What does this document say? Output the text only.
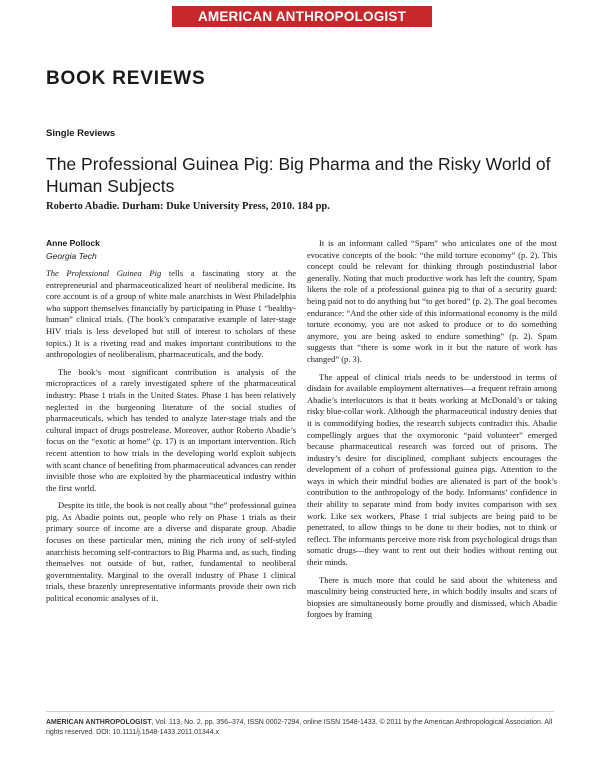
AMERICAN ANTHROPOLOGIST
BOOK REVIEWS
Single Reviews
The Professional Guinea Pig: Big Pharma and the Risky World of Human Subjects
Roberto Abadie. Durham: Duke University Press, 2010. 184 pp.
Anne Pollock
Georgia Tech

The Professional Guinea Pig tells a fascinating story at the entrepreneurial and pharmaceuticalized heart of neoliberal medicine. Its core account is of a group of white male anarchists in West Philadelphia who support themselves financially by participating in Phase 1 “healthy-human” clinical trials. (The book’s comparative example of later-stage HIV trials is less developed but still of interest to scholars of these topics.) It is a riveting read and makes important contributions to the anthropologies of neoliberalism, pharmaceuticals, and the body.

The book’s most significant contribution is analysis of the micropractices of a rarely investigated sphere of the pharmaceutical industry: Phase 1 trials in the United States. Phase 1 has been relatively neglected in the burgeoning literature of the social studies of pharmaceuticals, which has tended to analyze later-stage trials and the cultural impact of drugs postrelease. Moreover, author Roberto Abadie’s focus on the “exotic at home” (p. 17) is an important intervention. Rich recent attention to how trials in the developing world exploit subjects with scant chance of benefiting from pharmaceutical advances can render invisible those who are exploited by the pharmaceutical industry within the first world.

Despite its title, the book is not really about “the” professional guinea pig. As Abadie points out, people who rely on Phase 1 trials as their primary source of income are a diverse and disparate group. Abadie focuses on these particular men, mining the rich irony of self-styled anarchists becoming self-contractors to Big Pharma and, as such, finding themselves not outside of but, rather, fundamental to neoliberal governmentality. Marginal to the overall industry of Phase 1 clinical trials, these brazenly unrepresentative informants provide their own rich political economic analyses of it.

It is an informant called “Spam” who articulates one of the most evocative concepts of the book: “the mild torture economy” (p. 2). This concept could be relevant for thinking through postindustrial labor generally. Noting that much productive work has left the country, Spam likens the role of a professional guinea pig to that of a security guard: being paid not to do anything but “to get bored” (p. 2). The goal becomes endurance: “And the other side of this informational economy is the mild torture economy, you are not asked to produce or to do something anymore, you are being asked to endure something” (p. 2). Spam suggests that “there is some work in it but the nature of work has changed” (p. 3).

The appeal of clinical trials needs to be understood in terms of disdain for available employment alternatives—a frequent refrain among Abadie’s interlocutors is that it beats working at McDonald’s or taking risky blue-collar work. Although the pharmaceutical industry denies that it is commodifying bodies, the research subjects contradict this. Abadie compellingly argues that the oxymoronic “paid volunteer” emerged because pharmaceutical research was forced out of prisons. The industry’s desire for disciplined, compliant subjects encourages the development of a cohort of professional guinea pigs. Attention to the ways in which their mindful bodies are alienated is part of the book’s contribution to the anthropology of the body. Informants’ confidence in their ability to separate mind from body invites comparison with sex work. Like sex workers, Phase 1 trial subjects are being paid to be penetrated, to allow things to be done to their bodies, not to think or reflect. The informants perceive more risk from psychological drugs than somatic drugs—they want to rent out their bodies without renting out their minds.

There is much more that could be said about the whiteness and masculinity being constructed here, in which bodily insults and scars of biopsies are simultaneously borne proudly and dismissed, which Abadie forgoes by framing

AMERICAN ANTHROPOLOGIST, Vol. 113, No. 2, pp. 356–374, ISSN 0002-7294, online ISSN 1548-1433. © 2011 by the American Anthropological Association. All rights reserved. DOI: 10.1111/j.1548-1433.2011.01344.x
